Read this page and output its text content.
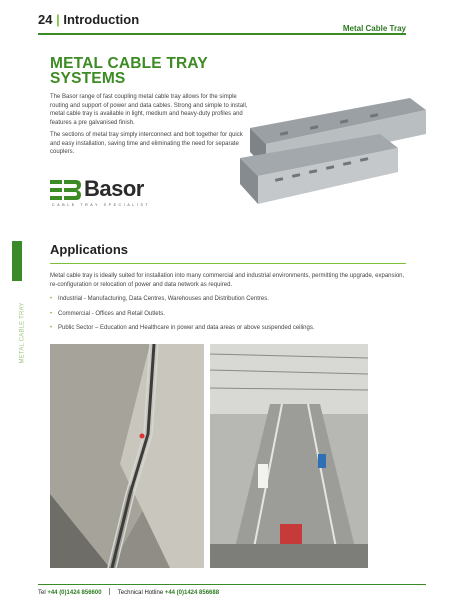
24 | Introduction
Metal Cable Tray
METAL CABLE TRAY
SYSTEMS

The Basor range of fast coupling metal cable tray allows for the simple routing and support of power and data cables. Strong and simple to install, metal cable tray is available in light, medium and heavy-duty profiles and features a pre galvanised finish.

The sections of metal tray simply interconnect and bolt together for quick and easy installation, saving time and eliminating the need for separate couplers.

Basor
CABLE TRAY SPECIALIST
METAL CABLE TRAY
Applications

Metal cable tray is ideally suited for installation into many commercial and industrial environments, permitting the upgrade, expansion, re-configuration or relocation of power and data network as required.

• Industrial - Manufacturing, Data Centres, Warehouses and Distribution Centres.
• Commercial - Offices and Retail Outlets.
• Public Sector – Education and Healthcare in power and data areas or above suspended ceilings.
Tel +44 (0)1424 856600	Technical Hotline +44 (0)1424 856688
